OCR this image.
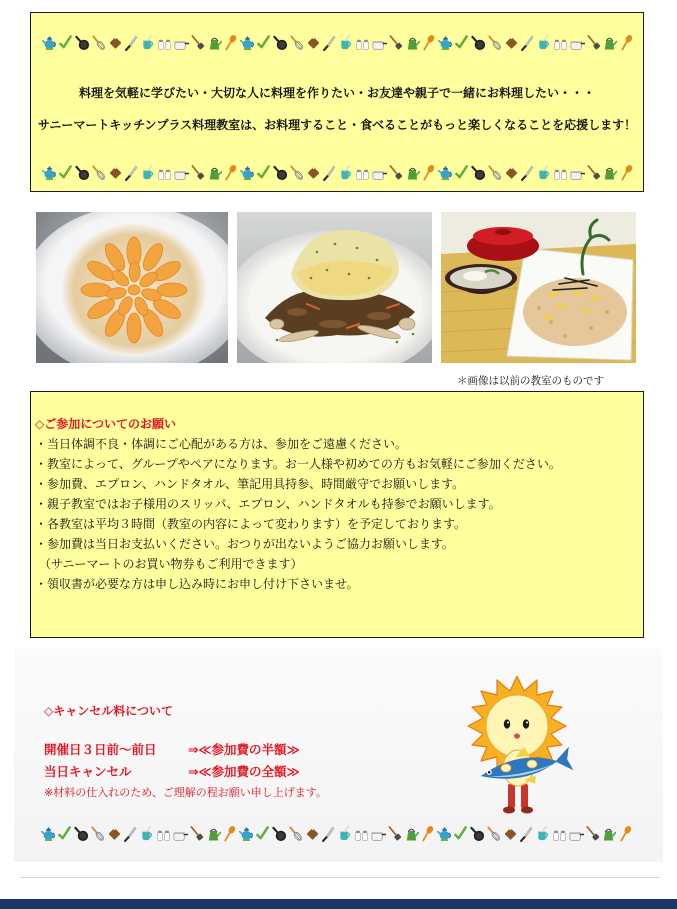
料理を気軽に学びたい・大切な人に料理を作りたい・お友達や親子で一緒にお料理したい・・・
サニーマートキッチンプラス料理教室は、お料理すること・食べることがもっと楽しくなることを応援します！
＊画像は以前の教室のものです
◇ご参加についてのお願い
・当日体調不良・体調にご心配がある方は、参加をご遠慮ください。
・教室によって、グループやペアになります。お一人様や初めての方もお気軽にご参加ください。
・参加費、エプロン、ハンドタオル、筆記用具持参、時間厳守でお願いします。
・親子教室ではお子様用のスリッパ、エプロン、ハンドタオルも持参でお願いします。
・各教室は平均３時間（教室の内容によって変わります）を予定しております。
・参加費は当日お支払いください。おつりが出ないようご協力お願いします。
（サニーマートのお買い物券もご利用できます）
・領収書が必要な方は申し込み時にお申し付け下さいませ。
◇キャンセル料について
開催日３日前～前日	⇒≪参加費の半額≫
当日キャンセル	⇒≪参加費の全額≫
※材料の仕入れのため、ご理解の程お願い申し上げます。
